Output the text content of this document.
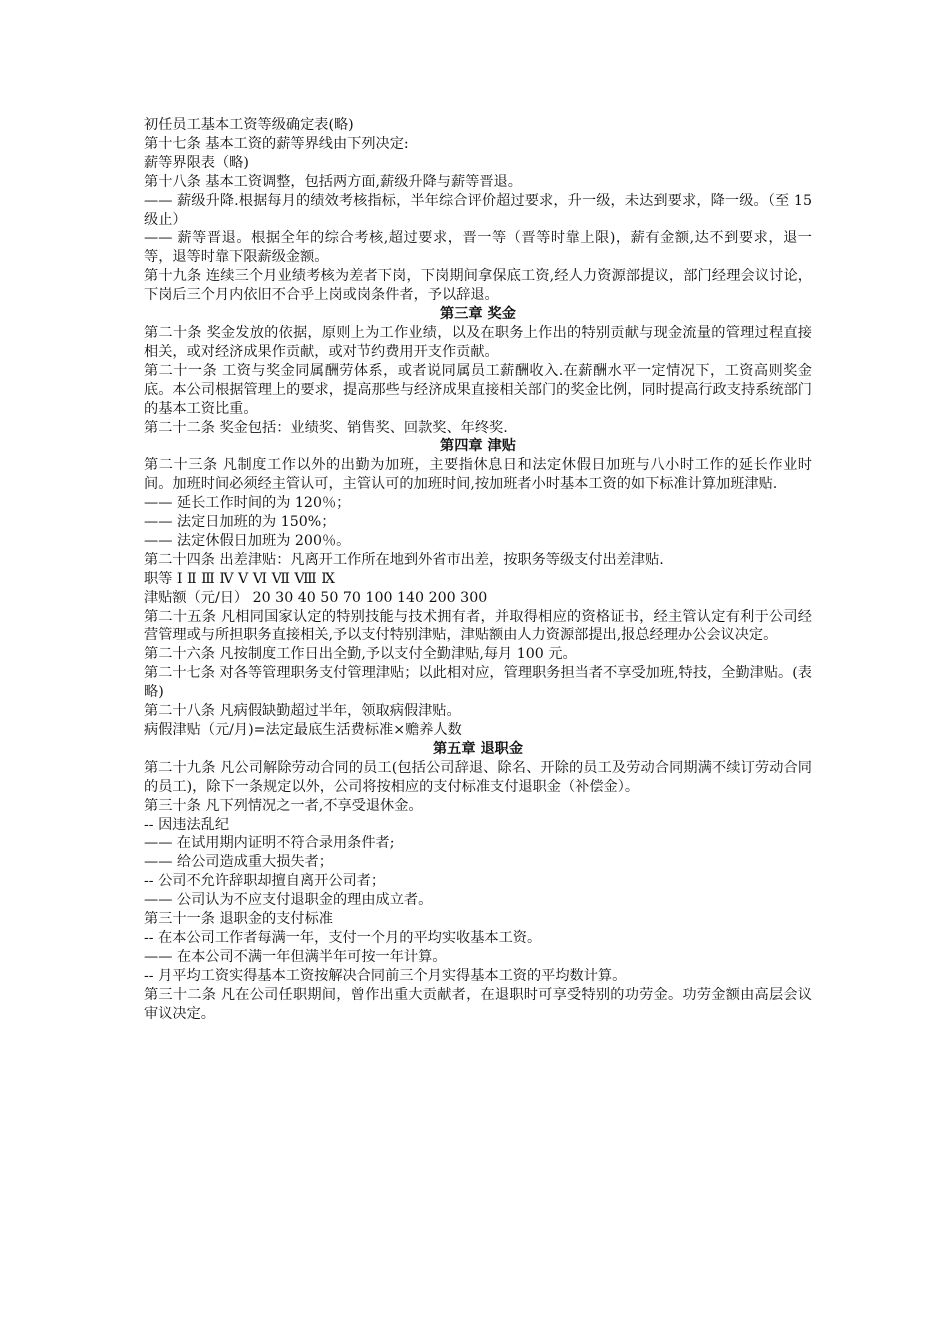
初任员工基本工资等级确定表(略)
第十七条 基本工资的薪等界线由下列决定:
薪等界限表（略)
第十八条 基本工资调整，包括两方面,薪级升降与薪等晋退。
—— 薪级升降.根据每月的绩效考核指标，半年综合评价超过要求，升一级，未达到要求，降一级。（至 15 级止）
—— 薪等晋退。根据全年的综合考核,超过要求，晋一等（晋等时靠上限)，薪有金额,达不到要求，退一等，退等时靠下限薪级金额。
第十九条 连续三个月业绩考核为差者下岗，下岗期间拿保底工资,经人力资源部提议，部门经理会议讨论，下岗后三个月内依旧不合乎上岗或岗条件者，予以辞退。
第三章 奖金
第二十条 奖金发放的依据，原则上为工作业绩，以及在职务上作出的特别贡献与现金流量的管理过程直接相关，或对经济成果作贡献，或对节约费用开支作贡献。
第二十一条 工资与奖金同属酬劳体系，或者说同属员工薪酬收入.在薪酬水平一定情况下，工资高则奖金底。本公司根据管理上的要求，提高那些与经济成果直接相关部门的奖金比例，同时提高行政支持系统部门的基本工资比重。
第二十二条 奖金包括：业绩奖、销售奖、回款奖、年终奖.
第四章 津贴
第二十三条 凡制度工作以外的出勤为加班，主要指休息日和法定休假日加班与八小时工作的延长作业时间。加班时间必须经主管认可，主管认可的加班时间,按加班者小时基本工资的如下标准计算加班津贴.
—— 延长工作时间的为 120％；
—— 法定日加班的为 150%；
—— 法定休假日加班为 200％。
第二十四条 出差津贴：凡离开工作所在地到外省市出差，按职务等级支付出差津贴.
职等 Ⅰ Ⅱ Ⅲ Ⅳ Ⅴ Ⅵ Ⅶ Ⅷ Ⅸ
津贴额（元/日） 20 30 40 50 70 100 140 200 300
第二十五条 凡相同国家认定的特别技能与技术拥有者，并取得相应的资格证书，经主管认定有利于公司经营管理或与所担职务直接相关,予以支付特别津贴，津贴额由人力资源部提出,报总经理办公会议决定。
第二十六条 凡按制度工作日出全勤,予以支付全勤津贴,每月 100 元。
第二十七条 对各等管理职务支付管理津贴；以此相对应，管理职务担当者不享受加班,特技，全勤津贴。(表略)
第二十八条 凡病假缺勤超过半年，领取病假津贴。
病假津贴（元/月)=法定最底生活费标准×赡养人数
第五章 退职金
第二十九条 凡公司解除劳动合同的员工(包括公司辞退、除名、开除的员工及劳动合同期满不续订劳动合同的员工)，除下一条规定以外，公司将按相应的支付标准支付退职金（补偿金）。
第三十条 凡下列情况之一者,不享受退休金。
-- 因违法乱纪
—— 在试用期内证明不符合录用条件者;
—— 给公司造成重大损失者；
-- 公司不允许辞职却擅自离开公司者；
—— 公司认为不应支付退职金的理由成立者。
第三十一条 退职金的支付标准
-- 在本公司工作者每满一年，支付一个月的平均实收基本工资。
—— 在本公司不满一年但满半年可按一年计算。
-- 月平均工资实得基本工资按解决合同前三个月实得基本工资的平均数计算。
第三十二条 凡在公司任职期间，曾作出重大贡献者，在退职时可享受特别的功劳金。功劳金额由高层会议审议决定。
